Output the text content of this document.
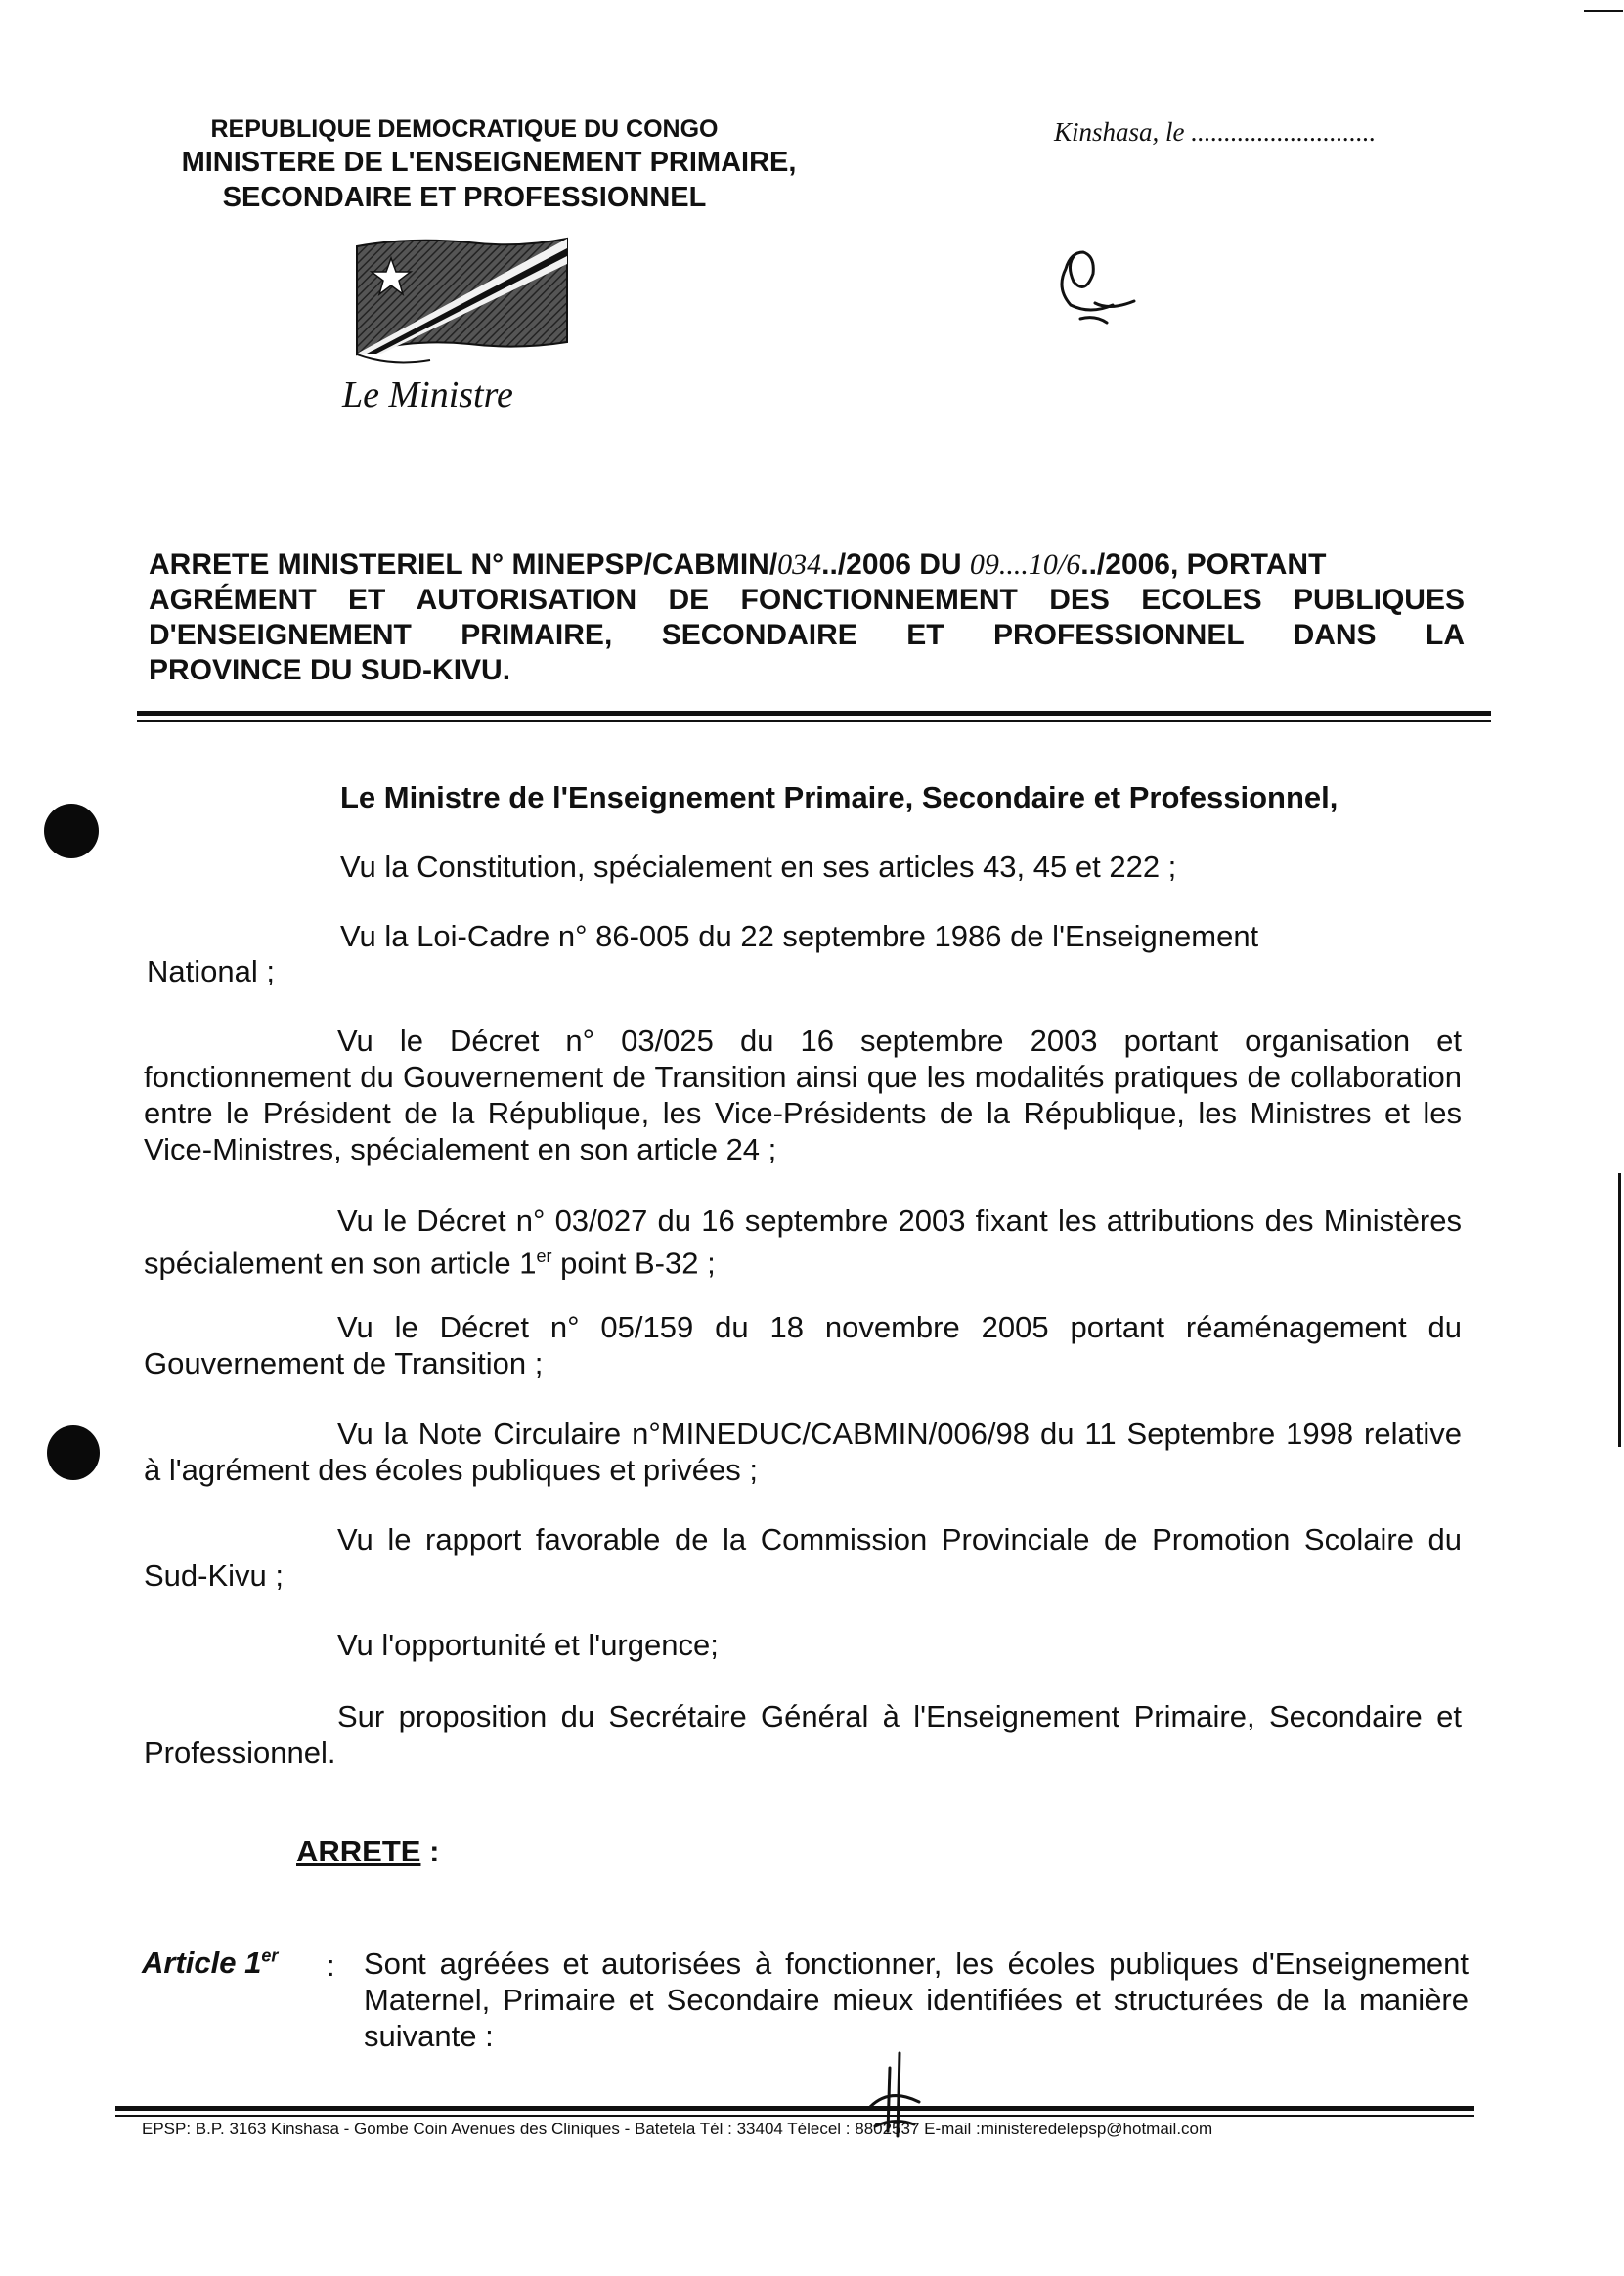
REPUBLIQUE DEMOCRATIQUE DU CONGO
MINISTERE DE L'ENSEIGNEMENT PRIMAIRE,
SECONDAIRE ET PROFESSIONNEL
Le Ministre
Kinshasa, le ............................
ARRETE MINISTERIEL N° MINEPSP/CABMIN/034../2006 DU 09....10/6../2006, PORTANT
AGRÉMENT ET AUTORISATION DE FONCTIONNEMENT DES ECOLES PUBLIQUES
D'ENSEIGNEMENT PRIMAIRE, SECONDAIRE ET PROFESSIONNEL DANS LA
PROVINCE DU SUD-KIVU.
Le Ministre de l'Enseignement Primaire, Secondaire et Professionnel,
Vu la Constitution, spécialement en ses articles 43, 45 et 222 ;
Vu la Loi-Cadre n° 86-005 du 22 septembre 1986 de l'Enseignement
National ;
Vu le Décret n° 03/025 du 16 septembre 2003 portant organisation et fonctionnement du Gouvernement de Transition ainsi que les modalités pratiques de collaboration entre le Président de la République, les Vice-Présidents de la République, les Ministres et les Vice-Ministres, spécialement en son article 24 ;
Vu le Décret n° 03/027 du 16 septembre 2003 fixant les attributions des Ministères spécialement en son article 1er point B-32 ;
Vu le Décret n° 05/159 du 18 novembre 2005 portant réaménagement du Gouvernement de Transition ;
Vu la Note Circulaire n°MINEDUC/CABMIN/006/98 du 11 Septembre 1998 relative à l'agrément des écoles publiques et privées ;
Vu le rapport favorable de la Commission Provinciale de Promotion Scolaire du Sud-Kivu ;
Vu l'opportunité et l'urgence;
Sur proposition du Secrétaire Général à l'Enseignement Primaire, Secondaire et Professionnel.
ARRETE :
Article 1er : Sont agréées et autorisées à fonctionner, les écoles publiques d'Enseignement Maternel, Primaire et Secondaire mieux identifiées et structurées de la manière suivante :
EPSP: B.P. 3163 Kinshasa - Gombe Coin Avenues des Cliniques - Batetela Tél : 33404 Télecel : 8802537 E-mail :ministeredelepsp@hotmail.com
